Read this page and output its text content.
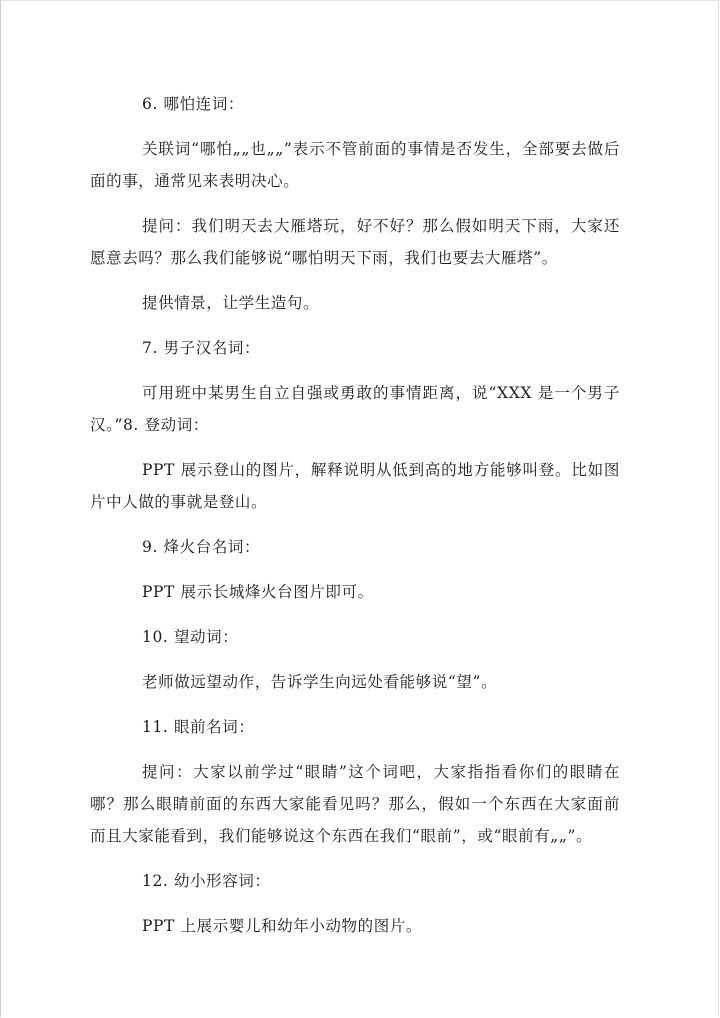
6. 哪怕连词：

关联词“哪怕„„也„„”表示不管前面的事情是否发生，全部要去做后面的事，通常见来表明决心。

提问：我们明天去大雁塔玩，好不好？那么假如明天下雨，大家还愿意去吗？那么我们能够说“哪怕明天下雨，我们也要去大雁塔”。

提供情景，让学生造句。

7. 男子汉名词：

可用班中某男生自立自强或勇敢的事情距离，说“XXX 是一个男子汉。”8. 登动词：

PPT 展示登山的图片，解释说明从低到高的地方能够叫登。比如图片中人做的事就是登山。

9. 烽火台名词：

PPT 展示长城烽火台图片即可。

10. 望动词：

老师做远望动作，告诉学生向远处看能够说“望”。

11. 眼前名词：

提问：大家以前学过“眼睛”这个词吧，大家指指看你们的眼睛在哪？那么眼睛前面的东西大家能看见吗？那么，假如一个东西在大家面前而且大家能看到，我们能够说这个东西在我们“眼前”，或“眼前有„„”。

12. 幼小形容词：

PPT 上展示婴儿和幼年小动物的图片。
